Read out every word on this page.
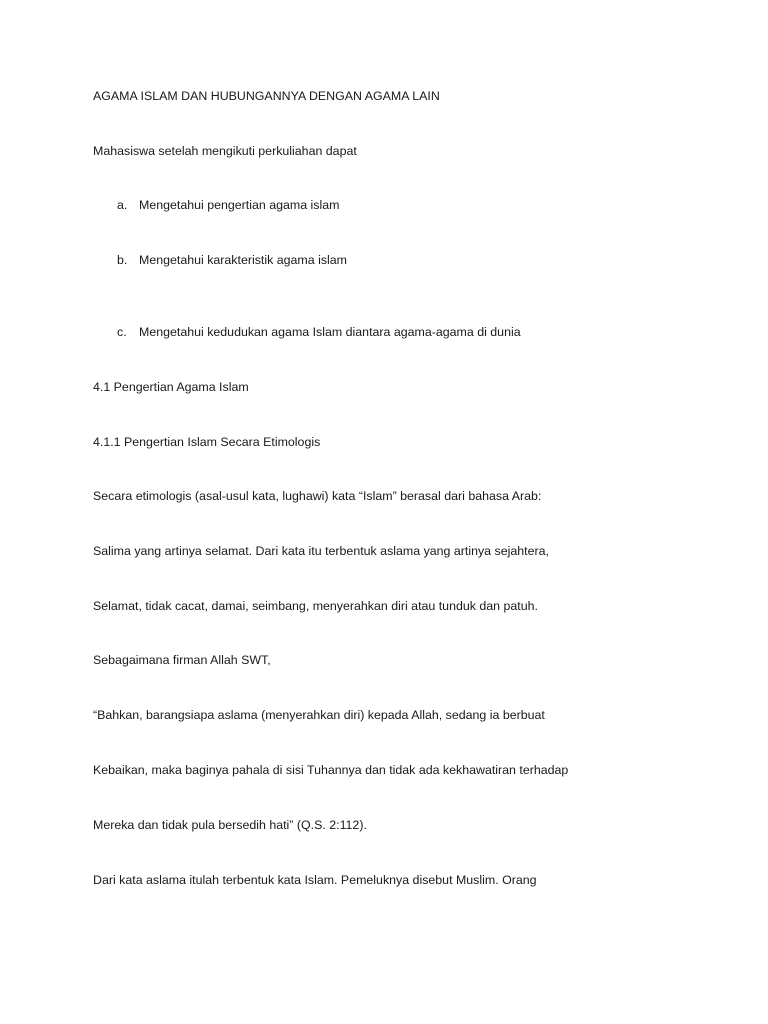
AGAMA ISLAM DAN HUBUNGANNYA DENGAN AGAMA LAIN
Mahasiswa setelah mengikuti perkuliahan dapat
a. Mengetahui pengertian agama islam
b. Mengetahui karakteristik agama islam
c. Mengetahui kedudukan agama Islam diantara agama-agama di dunia
4.1 Pengertian Agama Islam
4.1.1 Pengertian Islam Secara Etimologis
Secara etimologis (asal-usul kata, lughawi) kata “Islam” berasal dari bahasa Arab:
Salima yang artinya selamat. Dari kata itu terbentuk aslama yang artinya sejahtera,
Selamat, tidak cacat, damai, seimbang, menyerahkan diri atau tunduk dan patuh.
Sebagaimana firman Allah SWT,
“Bahkan, barangsiapa aslama (menyerahkan diri) kepada Allah, sedang ia berbuat
Kebaikan, maka baginya pahala di sisi Tuhannya dan tidak ada kekhawatiran terhadap
Mereka dan tidak pula bersedih hati” (Q.S. 2:112).
Dari kata aslama itulah terbentuk kata Islam. Pemeluknya disebut Muslim. Orang
